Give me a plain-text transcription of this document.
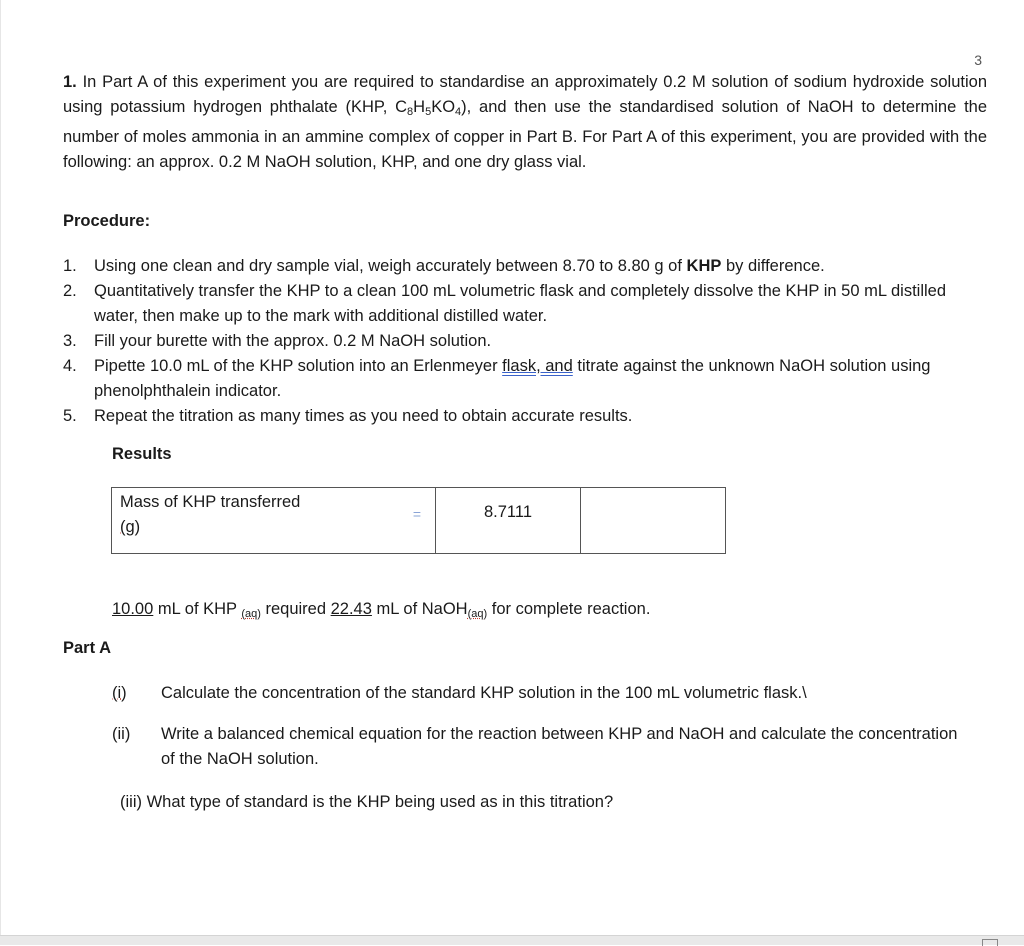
3
1. In Part A of this experiment you are required to standardise an approximately 0.2 M solution of sodium hydroxide solution using potassium hydrogen phthalate (KHP, $C_8H_5KO_4$), and then use the standardised solution of NaOH to determine the number of moles ammonia in an ammine complex of copper in Part B. For Part A of this experiment, you are provided with the following: an approx. 0.2 M NaOH solution, KHP, and one dry glass vial.
Procedure:
1. Using one clean and dry sample vial, weigh accurately between 8.70 to 8.80 g of KHP by difference.
2. Quantitatively transfer the KHP to a clean 100 mL volumetric flask and completely dissolve the KHP in 50 mL distilled water, then make up to the mark with additional distilled water.
3. Fill your burette with the approx. 0.2 M NaOH solution.
4. Pipette 10.0 mL of the KHP solution into an Erlenmeyer flask, and titrate against the unknown NaOH solution using phenolphthalein indicator.
5. Repeat the titration as many times as you need to obtain accurate results.
Results
Mass of KHP transferred
(g)
=	8.7111	
10.00 mL of KHP $_{(aq)}$ required 22.43 mL of NaOH$_{(aq)}$ for complete reaction.
Part A
(i) Calculate the concentration of the standard KHP solution in the 100 mL volumetric flask.\
(ii) Write a balanced chemical equation for the reaction between KHP and NaOH and calculate the concentration of the NaOH solution.
(iii) What type of standard is the KHP being used as in this titration?
